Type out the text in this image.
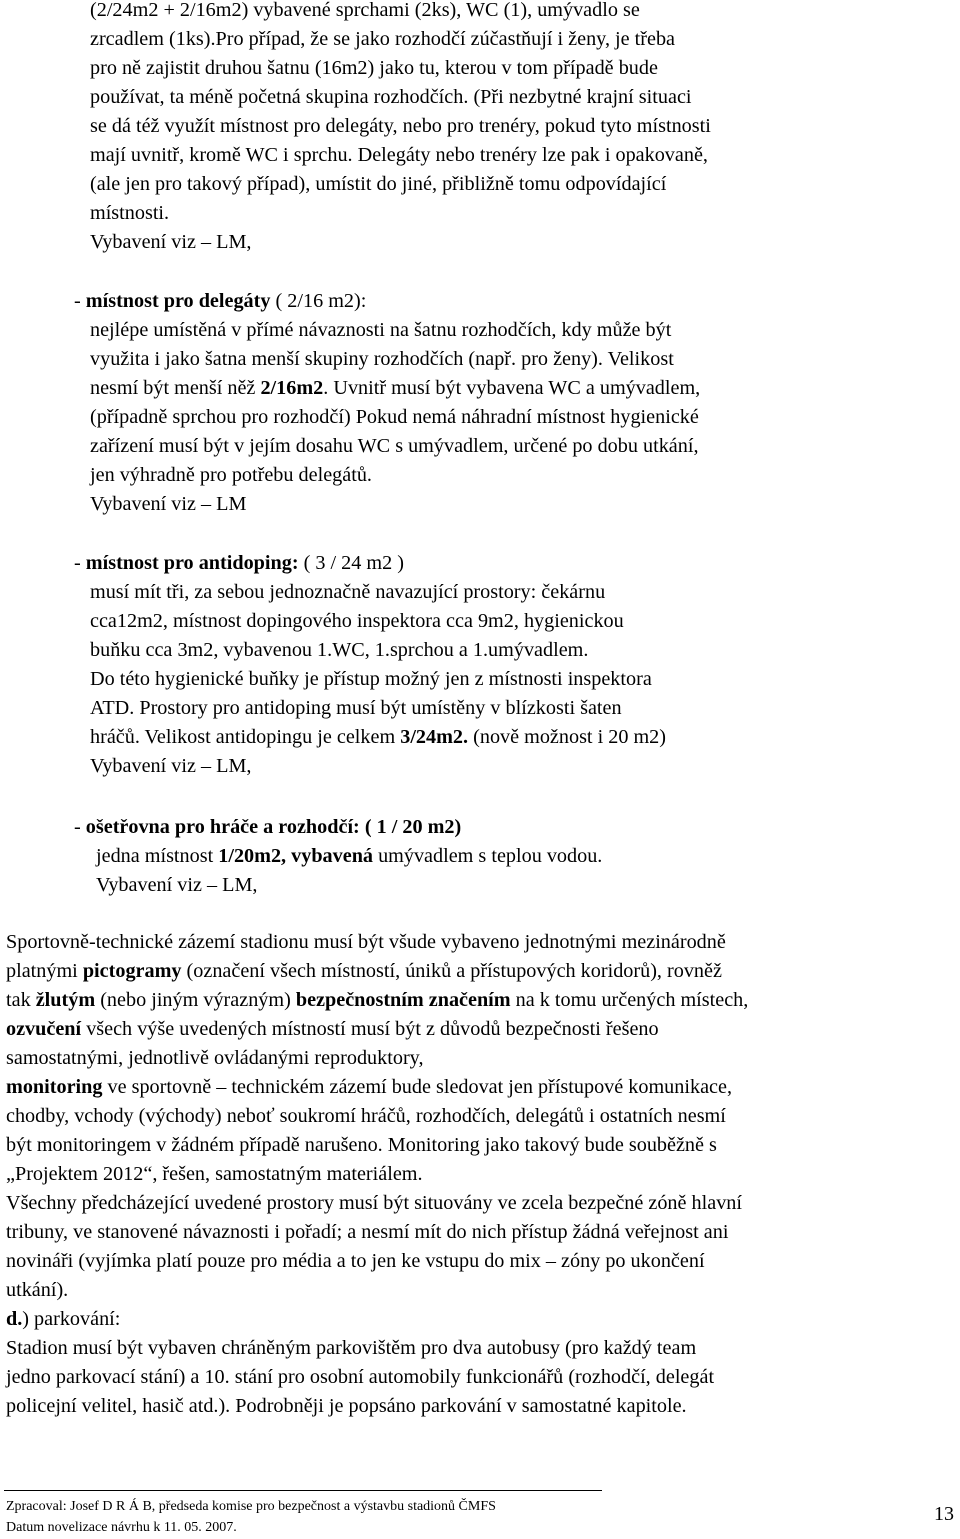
(2/24m2 + 2/16m2) vybavené sprchami (2ks), WC (1), umývadlo se
zrcadlem (1ks).Pro případ, že se jako rozhodčí zúčastňují i ženy, je třeba
pro ně zajistit druhou šatnu (16m2) jako tu, kterou v tom případě bude
používat, ta méně početná skupina rozhodčích. (Při nezbytné krajní situaci
se dá též využít místnost pro delegáty, nebo pro trenéry, pokud tyto místnosti
mají uvnitř, kromě WC i sprchu. Delegáty nebo trenéry lze pak i opakovaně,
(ale jen pro takový případ), umístit do jiné, přibližně tomu odpovídající
místnosti.
Vybavení viz – LM,
- místnost pro delegáty ( 2/16 m2):
nejlépe umístěná v přímé návaznosti na šatnu rozhodčích, kdy může být
využita i jako šatna menší skupiny rozhodčích (např. pro ženy). Velikost
nesmí být menší něž 2/16m2. Uvnitř musí být vybavena WC a umývadlem,
(případně sprchou pro rozhodčí) Pokud nemá náhradní místnost hygienické
zařízení musí být v jejím dosahu WC s umývadlem, určené po dobu utkání,
jen výhradně pro potřebu delegátů.
Vybavení viz – LM
- místnost pro antidoping: ( 3 / 24 m2 )
musí mít tři, za sebou jednoznačně navazující prostory: čekárnu
cca12m2, místnost dopingového inspektora cca 9m2, hygienickou
buňku cca 3m2, vybavenou 1.WC, 1.sprchou a 1.umývadlem.
Do této hygienické buňky je přístup možný jen z místnosti inspektora
ATD. Prostory pro antidoping musí být umístěny v blízkosti šaten
hráčů. Velikost antidopingu je celkem 3/24m2. (nově možnost i 20 m2)
Vybavení viz – LM,
- ošetřovna pro hráče a rozhodčí: ( 1 / 20 m2)
jedna místnost 1/20m2, vybavená umývadlem s teplou vodou.
Vybavení viz – LM,
Sportovně-technické zázemí stadionu musí být všude vybaveno jednotnými mezinárodně
platnými pictogramy (označení všech místností, úniků a přístupových koridorů), rovněž
tak žlutým (nebo jiným výrazným) bezpečnostním značením na k tomu určených místech,
ozvučení všech výše uvedených místností musí být z důvodů bezpečnosti řešeno
samostatnými, jednotlivě ovládanými reproduktory,
monitoring ve sportovně – technickém zázemí bude sledovat jen přístupové komunikace,
chodby, vchody (východy) neboť soukromí hráčů, rozhodčích, delegátů i ostatních nesmí
být monitoringem v žádném případě narušeno. Monitoring jako takový bude souběžně s
„Projektem 2012“, řešen, samostatným materiálem.
Všechny předcházející uvedené prostory musí být situovány ve zcela bezpečné zóně hlavní
tribuny, ve stanovené návaznosti i pořadí; a nesmí mít do nich přístup žádná veřejnost ani
novináři (vyjímka platí pouze pro média a to jen ke vstupu do mix – zóny po ukončení
utkání).
d.) parkování:
Stadion musí být vybaven chráněným parkovištěm pro dva autobusy (pro každý team
jedno parkovací stání) a 10. stání pro osobní automobily funkcionářů (rozhodčí, delegát
policejní velitel, hasič atd.). Podrobněji je popsáno parkování v samostatné kapitole.
Zpracoval: Josef D R Á B, předseda komise pro bezpečnost a výstavbu stadionů ČMFS
Datum novelizace návrhu k 11. 05. 2007.
13
